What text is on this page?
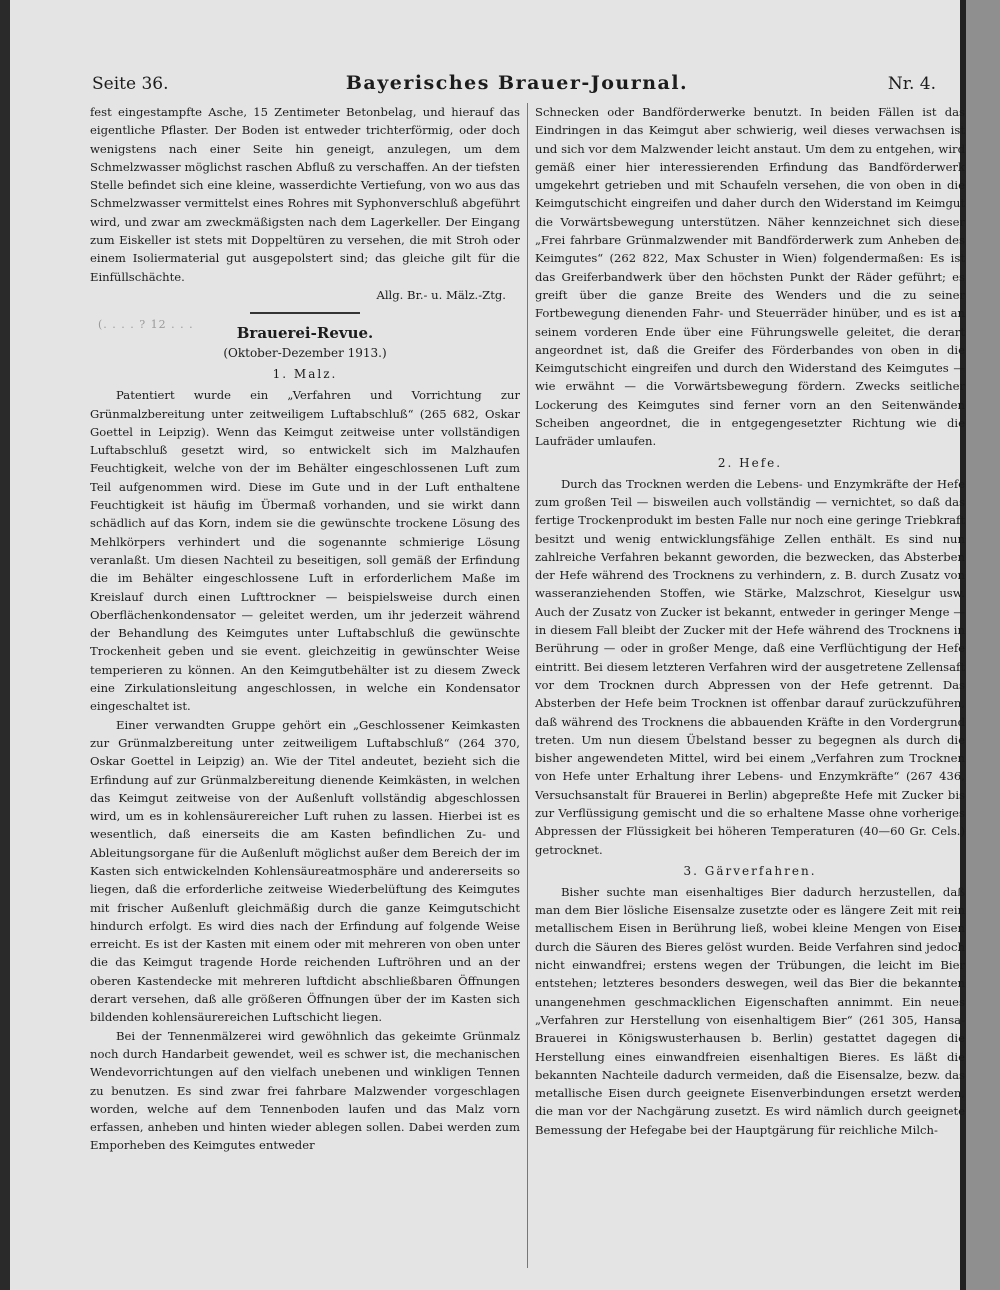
Seite 36.	Bayerisches Brauer-Journal.	Nr. 4.
(. . . . ? 12 . . .

fest eingestampfte Asche, 15 Zentimeter Betonbelag, und hierauf das eigentliche Pflaster. Der Boden ist entweder trichterförmig, oder doch wenigstens nach einer Seite hin geneigt, anzulegen, um dem Schmelzwasser möglichst raschen Abfluß zu verschaffen. An der tiefsten Stelle befindet sich eine kleine, wasserdichte Vertiefung, von wo aus das Schmelzwasser vermittelst eines Rohres mit Syphonverschluß abgeführt wird, und zwar am zweckmäßigsten nach dem Lagerkeller. Der Eingang zum Eiskeller ist stets mit Doppeltüren zu versehen, die mit Stroh oder einem Isoliermaterial gut ausgepolstert sind; das gleiche gilt für die Einfüllschächte.

Allg. Br.- u. Mälz.-Ztg.

Brauerei-Revue.
(Oktober-Dezember 1913.)
1. Malz.

Patentiert wurde ein „Verfahren und Vorrichtung zur Grünmalzbereitung unter zeitweiligem Luftabschluß“ (265 682, Oskar Goettel in Leipzig). Wenn das Keimgut zeitweise unter vollständigen Luftabschluß gesetzt wird, so entwickelt sich im Malzhaufen Feuchtigkeit, welche von der im Behälter eingeschlossenen Luft zum Teil aufgenommen wird. Diese im Gute und in der Luft enthaltene Feuchtigkeit ist häufig im Übermaß vorhanden, und sie wirkt dann schädlich auf das Korn, indem sie die gewünschte trockene Lösung des Mehlkörpers verhindert und die sogenannte schmierige Lösung veranlaßt. Um diesen Nachteil zu beseitigen, soll gemäß der Erfindung die im Behälter eingeschlossene Luft in erforderlichem Maße im Kreislauf durch einen Lufttrockner — beispielsweise durch einen Oberflächenkondensator — geleitet werden, um ihr jederzeit während der Behandlung des Keimgutes unter Luftabschluß die gewünschte Trockenheit geben und sie event. gleichzeitig in gewünschter Weise temperieren zu können. An den Keimgutbehälter ist zu diesem Zweck eine Zirkulationsleitung angeschlossen, in welche ein Kondensator eingeschaltet ist.

Einer verwandten Gruppe gehört ein „Geschlossener Keimkasten zur Grünmalzbereitung unter zeitweiligem Luftabschluß“ (264 370, Oskar Goettel in Leipzig) an. Wie der Titel andeutet, bezieht sich die Erfindung auf zur Grünmalzbereitung dienende Keimkästen, in welchen das Keimgut zeitweise von der Außenluft vollständig abgeschlossen wird, um es in kohlensäurereicher Luft ruhen zu lassen. Hierbei ist es wesentlich, daß einerseits die am Kasten befindlichen Zu- und Ableitungsorgane für die Außenluft möglichst außer dem Bereich der im Kasten sich entwickelnden Kohlensäureatmosphäre und andererseits so liegen, daß die erforderliche zeitweise Wiederbelüftung des Keimgutes mit frischer Außenluft gleichmäßig durch die ganze Keimgutschicht hindurch erfolgt. Es wird dies nach der Erfindung auf folgende Weise erreicht. Es ist der Kasten mit einem oder mit mehreren von oben unter die das Keimgut tragende Horde reichenden Luftröhren und an der oberen Kastendecke mit mehreren luftdicht abschließbaren Öffnungen derart versehen, daß alle größeren Öffnungen über der im Kasten sich bildenden kohlensäurereichen Luftschicht liegen.

Bei der Tennenmälzerei wird gewöhnlich das gekeimte Grünmalz noch durch Handarbeit gewendet, weil es schwer ist, die mechanischen Wendevorrichtungen auf den vielfach unebenen und winkligen Tennen zu benutzen. Es sind zwar frei fahrbare Malzwender vorgeschlagen worden, welche auf dem Tennenboden laufen und das Malz vorn erfassen, anheben und hinten wieder ablegen sollen. Dabei werden zum Emporheben des Keimgutes entweder

Schnecken oder Bandförderwerke benutzt. In beiden Fällen ist das Eindringen in das Keimgut aber schwierig, weil dieses verwachsen ist und sich vor dem Malzwender leicht anstaut. Um dem zu entgehen, wird gemäß einer hier interessierenden Erfindung das Bandförderwerk umgekehrt getrieben und mit Schaufeln versehen, die von oben in die Keimgutschicht eingreifen und daher durch den Widerstand im Keimgut die Vorwärtsbewegung unterstützen. Näher kennzeichnet sich dieser „Frei fahrbare Grünmalzwender mit Bandförderwerk zum Anheben des Keimgutes“ (262 822, Max Schuster in Wien) folgendermaßen: Es ist das Greiferbandwerk über den höchsten Punkt der Räder geführt; es greift über die ganze Breite des Wenders und die zu seiner Fortbewegung dienenden Fahr- und Steuerräder hinüber, und es ist an seinem vorderen Ende über eine Führungswelle geleitet, die derart angeordnet ist, daß die Greifer des Förderbandes von oben in die Keimgutschicht eingreifen und durch den Widerstand des Keimgutes — wie erwähnt — die Vorwärtsbewegung fördern. Zwecks seitlicher Lockerung des Keimgutes sind ferner vorn an den Seitenwänden Scheiben angeordnet, die in entgegengesetzter Richtung wie die Laufräder umlaufen.

2. Hefe.

Durch das Trocknen werden die Lebens- und Enzymkräfte der Hefe zum großen Teil — bisweilen auch vollständig — vernichtet, so daß das fertige Trockenprodukt im besten Falle nur noch eine geringe Triebkraft besitzt und wenig entwicklungsfähige Zellen enthält. Es sind nun zahlreiche Verfahren bekannt geworden, die bezwecken, das Absterben der Hefe während des Trocknens zu verhindern, z. B. durch Zusatz von wasseranziehenden Stoffen, wie Stärke, Malzschrot, Kieselgur usw. Auch der Zusatz von Zucker ist bekannt, entweder in geringer Menge — in diesem Fall bleibt der Zucker mit der Hefe während des Trocknens in Berührung — oder in großer Menge, daß eine Verflüchtigung der Hefe eintritt. Bei diesem letzteren Verfahren wird der ausgetretene Zellensaft vor dem Trocknen durch Abpressen von der Hefe getrennt. Das Absterben der Hefe beim Trocknen ist offenbar darauf zurückzuführen, daß während des Trocknens die abbauenden Kräfte in den Vordergrund treten. Um nun diesem Übelstand besser zu begegnen als durch die bisher angewendeten Mittel, wird bei einem „Verfahren zum Trocknen von Hefe unter Erhaltung ihrer Lebens- und Enzymkräfte“ (267 436, Versuchsanstalt für Brauerei in Berlin) abgepreßte Hefe mit Zucker bis zur Verflüssigung gemischt und die so erhaltene Masse ohne vorheriges Abpressen der Flüssigkeit bei höheren Temperaturen (40—60 Gr. Cels.) getrocknet.

3. Gärverfahren.

Bisher suchte man eisenhaltiges Bier dadurch herzustellen, daß man dem Bier lösliche Eisensalze zusetzte oder es längere Zeit mit rein metallischem Eisen in Berührung ließ, wobei kleine Mengen von Eisen durch die Säuren des Bieres gelöst wurden. Beide Verfahren sind jedoch nicht einwandfrei; erstens wegen der Trübungen, die leicht im Bier entstehen; letzteres besonders deswegen, weil das Bier die bekannten unangenehmen geschmacklichen Eigenschaften annimmt. Ein neues „Verfahren zur Herstellung von eisenhaltigem Bier“ (261 305, Hansa-Brauerei in Königswusterhausen b. Berlin) gestattet dagegen die Herstellung eines einwandfreien eisenhaltigen Bieres. Es läßt die bekannten Nachteile dadurch vermeiden, daß die Eisensalze, bezw. das metallische Eisen durch geeignete Eisenverbindungen ersetzt werden, die man vor der Nachgärung zusetzt. Es wird nämlich durch geeignete Bemessung der Hefegabe bei der Hauptgärung für reichliche Milch-
